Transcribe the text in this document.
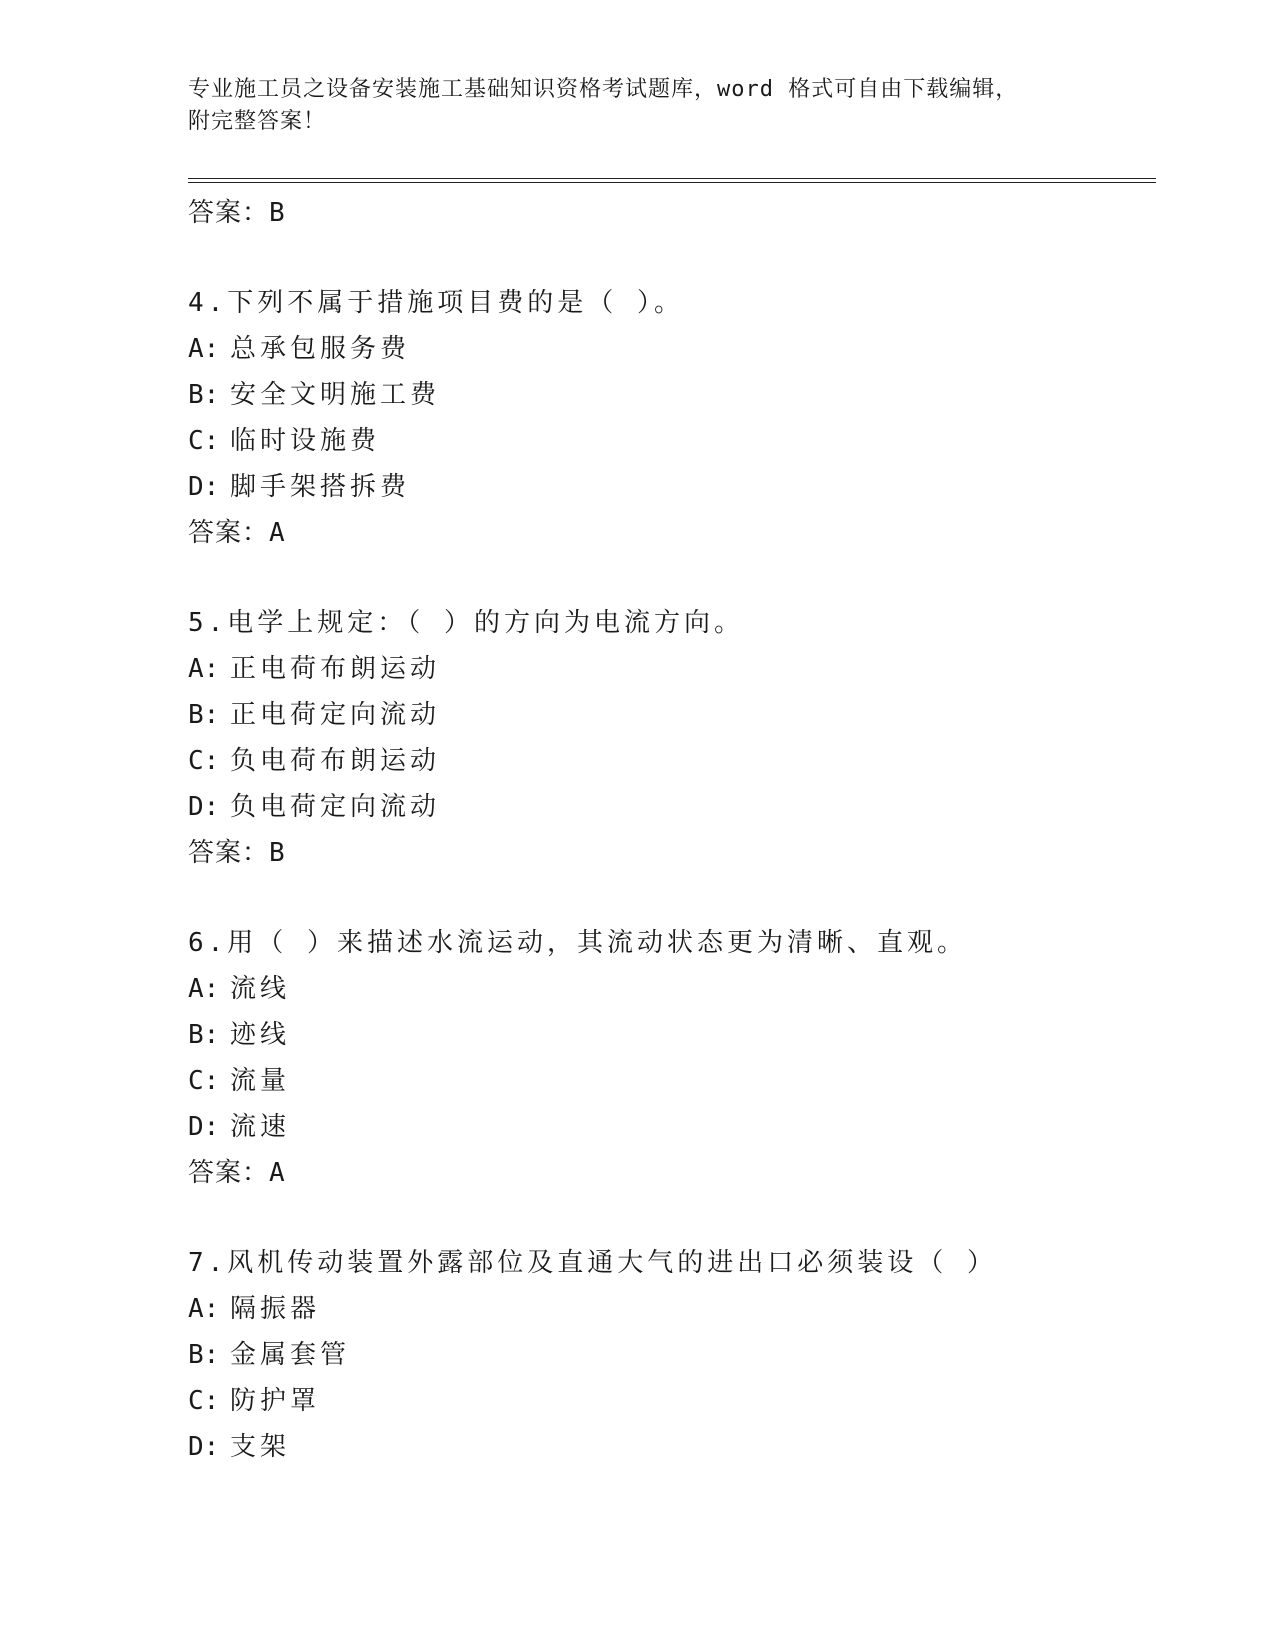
专业施工员之设备安装施工基础知识资格考试题库，word 格式可自由下载编辑，
附完整答案！
答案：B
4.下列不属于措施项目费的是（ ）。
A: 总承包服务费
B: 安全文明施工费
C: 临时设施费
D: 脚手架搭拆费
答案：A
5.电学上规定：（ ）的方向为电流方向。
A: 正电荷布朗运动
B: 正电荷定向流动
C: 负电荷布朗运动
D: 负电荷定向流动
答案：B
6.用（ ）来描述水流运动，其流动状态更为清晰、直观。
A: 流线
B: 迹线
C: 流量
D: 流速
答案：A
7.风机传动装置外露部位及直通大气的进出口必须装设（ ）
A: 隔振器
B: 金属套管
C: 防护罩
D: 支架
